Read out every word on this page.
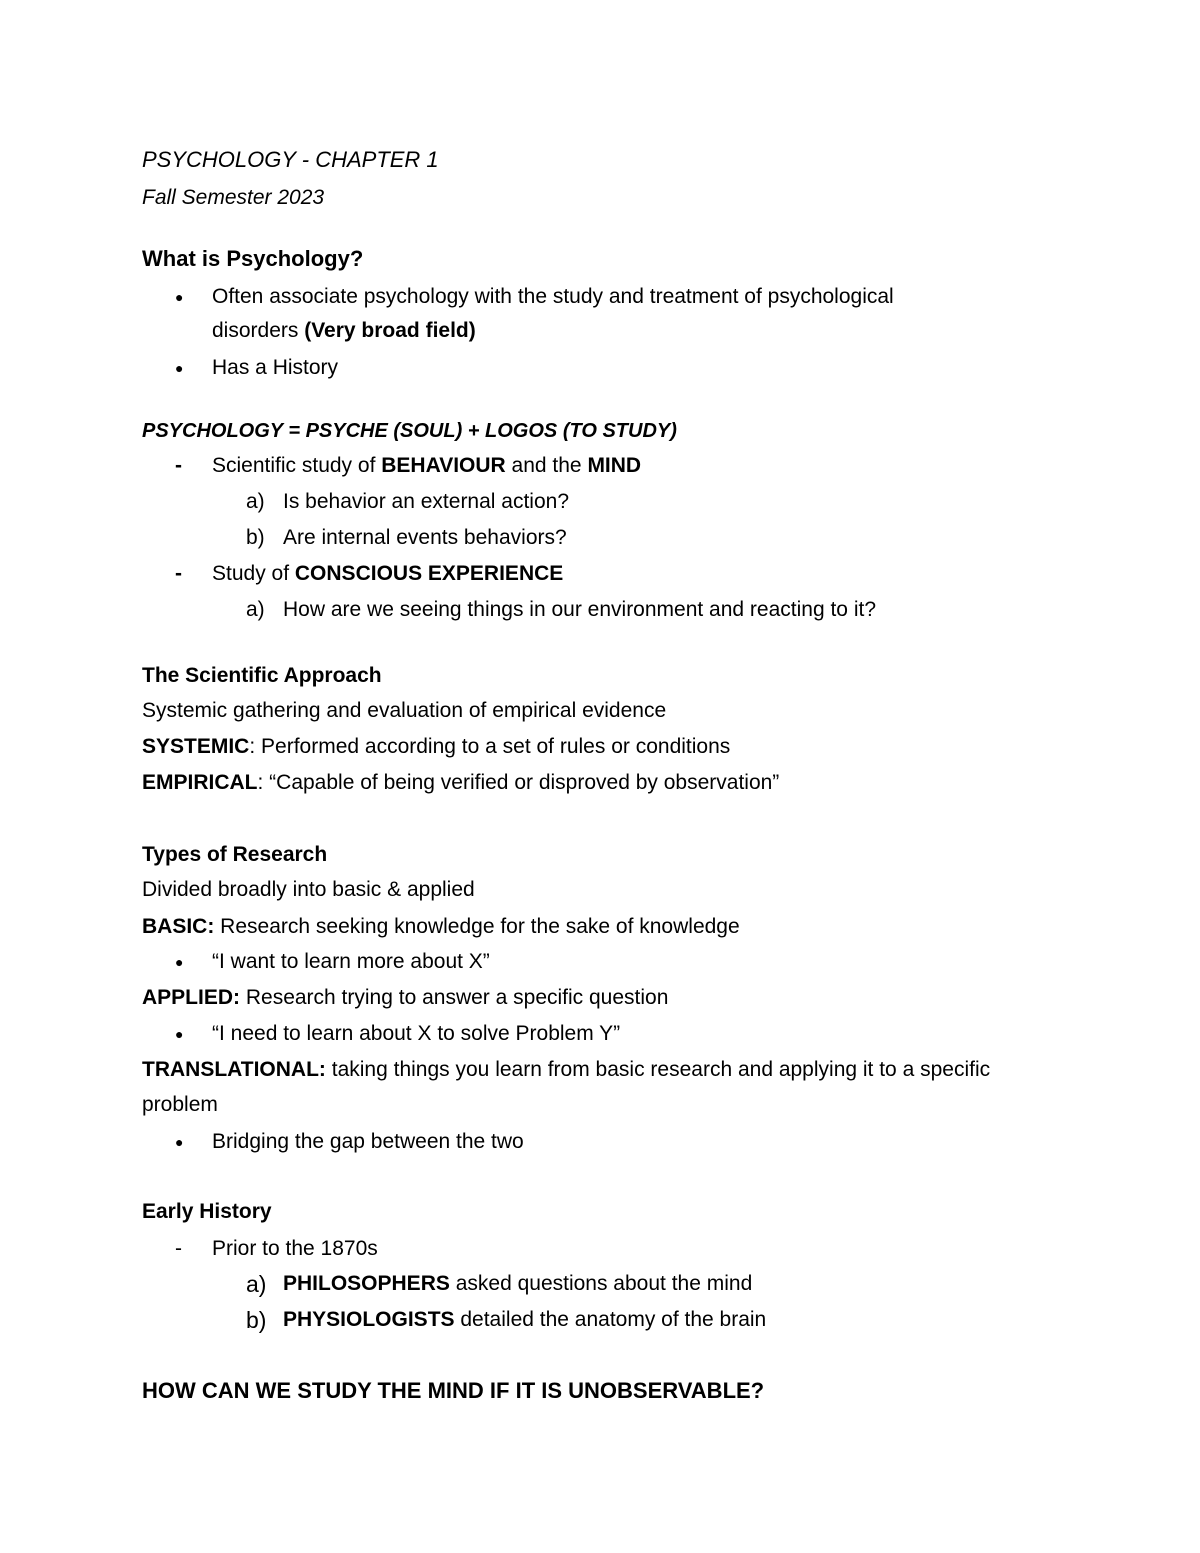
PSYCHOLOGY - CHAPTER 1
Fall Semester 2023
What is Psychology?
● Often associate psychology with the study and treatment of psychological
disorders (Very broad field)
● Has a History
PSYCHOLOGY = PSYCHE (SOUL) + LOGOS (TO STUDY)
- Scientific study of BEHAVIOUR and the MIND
a) Is behavior an external action?
b) Are internal events behaviors?
- Study of CONSCIOUS EXPERIENCE
a) How are we seeing things in our environment and reacting to it?
The Scientific Approach
Systemic gathering and evaluation of empirical evidence
SYSTEMIC: Performed according to a set of rules or conditions
EMPIRICAL: “Capable of being verified or disproved by observation”
Types of Research
Divided broadly into basic & applied
BASIC: Research seeking knowledge for the sake of knowledge
● “I want to learn more about X”
APPLIED: Research trying to answer a specific question
● “I need to learn about X to solve Problem Y”
TRANSLATIONAL: taking things you learn from basic research and applying it to a specific
problem
● Bridging the gap between the two
Early History
- Prior to the 1870s
a) PHILOSOPHERS asked questions about the mind
b) PHYSIOLOGISTS detailed the anatomy of the brain
HOW CAN WE STUDY THE MIND IF IT IS UNOBSERVABLE?
